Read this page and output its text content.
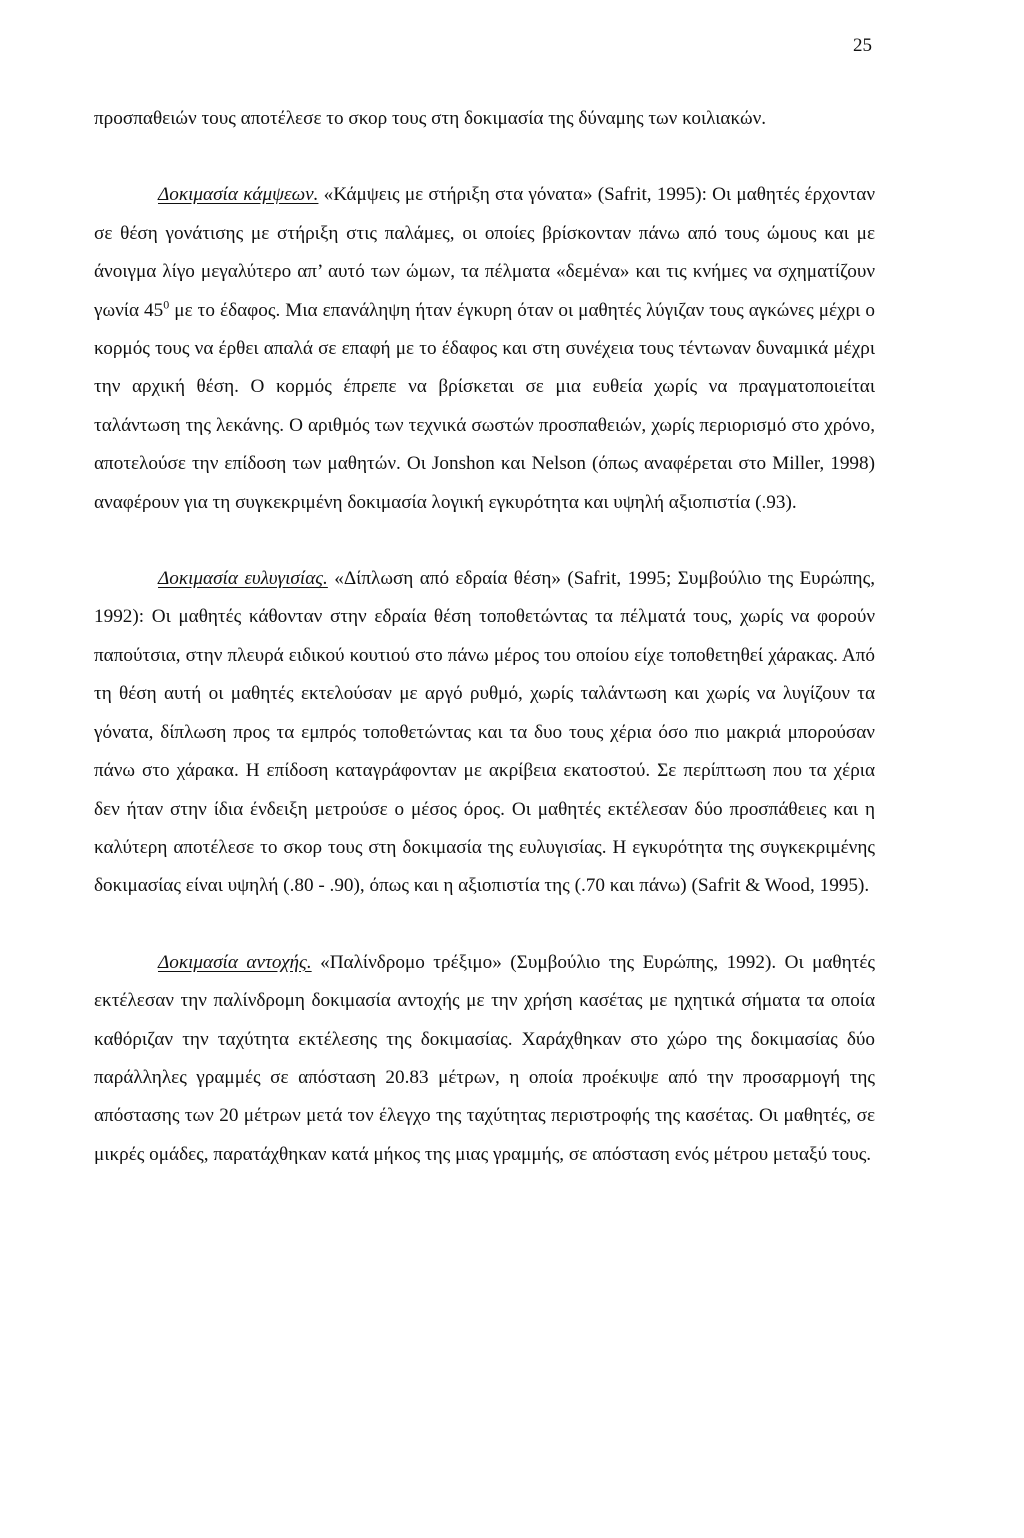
25

προσπαθειών τους αποτέλεσε το σκορ τους στη δοκιμασία της δύναμης των κοιλιακών.

Δοκιμασία κάμψεων. «Κάμψεις με στήριξη στα γόνατα» (Safrit, 1995): Οι μαθητές έρχονταν σε θέση γονάτισης με στήριξη στις παλάμες, οι οποίες βρίσκονταν πάνω από τους ώμους και με άνοιγμα λίγο μεγαλύτερο απ’ αυτό των ώμων, τα πέλματα «δεμένα» και τις κνήμες να σχηματίζουν γωνία $45^0$ με το έδαφος. Μια επανάληψη ήταν έγκυρη όταν οι μαθητές λύγιζαν τους αγκώνες μέχρι ο κορμός τους να έρθει απαλά σε επαφή με το έδαφος και στη συνέχεια τους τέντωναν δυναμικά μέχρι την αρχική θέση. Ο κορμός έπρεπε να βρίσκεται σε μια ευθεία χωρίς να πραγματοποιείται ταλάντωση της λεκάνης. Ο αριθμός των τεχνικά σωστών προσπαθειών, χωρίς περιορισμό στο χρόνο, αποτελούσε την επίδοση των μαθητών. Οι Jonshon και Nelson (όπως αναφέρεται στο Miller, 1998) αναφέρουν για τη συγκεκριμένη δοκιμασία λογική εγκυρότητα και υψηλή αξιοπιστία (.93).

Δοκιμασία ευλυγισίας. «Δίπλωση από εδραία θέση» (Safrit, 1995; Συμβούλιο της Ευρώπης, 1992): Οι μαθητές κάθονταν στην εδραία θέση τοποθετώντας τα πέλματά τους, χωρίς να φορούν παπούτσια, στην πλευρά ειδικού κουτιού στο πάνω μέρος του οποίου είχε τοποθετηθεί χάρακας. Από τη θέση αυτή οι μαθητές εκτελούσαν με αργό ρυθμό, χωρίς ταλάντωση και χωρίς να λυγίζουν τα γόνατα, δίπλωση προς τα εμπρός τοποθετώντας και τα δυο τους χέρια όσο πιο μακριά μπορούσαν πάνω στο χάρακα. Η επίδοση καταγράφονταν με ακρίβεια εκατοστού. Σε περίπτωση που τα χέρια δεν ήταν στην ίδια ένδειξη μετρούσε ο μέσος όρος. Οι μαθητές εκτέλεσαν δύο προσπάθειες και η καλύτερη αποτέλεσε το σκορ τους στη δοκιμασία της ευλυγισίας. Η εγκυρότητα της συγκεκριμένης δοκιμασίας είναι υψηλή (.80 - .90), όπως και η αξιοπιστία της (.70 και πάνω) (Safrit & Wood, 1995).

Δοκιμασία αντοχής. «Παλίνδρομο τρέξιμο» (Συμβούλιο της Ευρώπης, 1992). Οι μαθητές εκτέλεσαν την παλίνδρομη δοκιμασία αντοχής με την χρήση κασέτας με ηχητικά σήματα τα οποία καθόριζαν την ταχύτητα εκτέλεσης της δοκιμασίας. Χαράχθηκαν στο χώρο της δοκιμασίας δύο παράλληλες γραμμές σε απόσταση 20.83 μέτρων, η οποία προέκυψε από την προσαρμογή της απόστασης των 20 μέτρων μετά τον έλεγχο της ταχύτητας περιστροφής της κασέτας. Οι μαθητές, σε μικρές ομάδες, παρατάχθηκαν κατά μήκος της μιας γραμμής, σε απόσταση ενός μέτρου μεταξύ τους.
